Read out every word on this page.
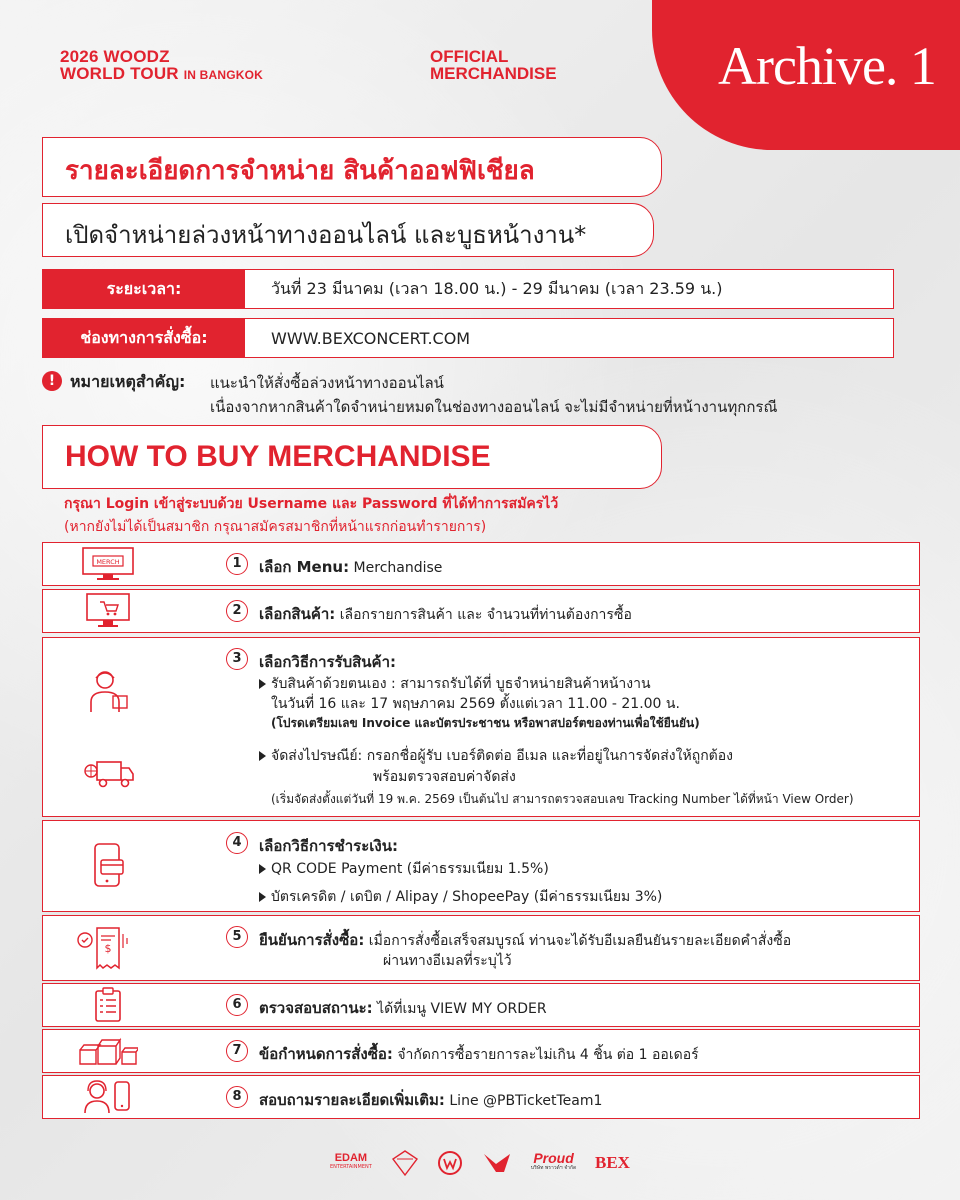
2026 WOODZ
WORLD TOUR IN BANGKOK
OFFICIAL
MERCHANDISE	Archive. 1
รายละเอียดการจำหน่าย สินค้าออฟฟิเชียล
เปิดจำหน่ายล่วงหน้าทางออนไลน์ และบูธหน้างาน*
ระยะเวลา:	วันที่ 23 มีนาคม (เวลา 18.00 น.) - 29 มีนาคม (เวลา 23.59 น.)
ช่องทางการสั่งซื้อ:	WWW.BEXCONCERT.COM
! หมายเหตุสำคัญ: แนะนำให้สั่งซื้อล่วงหน้าทางออนไลน์
เนื่องจากหากสินค้าใดจำหน่ายหมดในช่องทางออนไลน์ จะไม่มีจำหน่ายที่หน้างานทุกกรณี
HOW TO BUY MERCHANDISE
กรุณา Login เข้าสู่ระบบด้วย Username และ Password ที่ได้ทำการสมัครไว้
(หากยังไม่ได้เป็นสมาชิก กรุณาสมัครสมาชิกที่หน้าแรกก่อนทำรายการ)
MERCH	1	เลือก Menu: Merchandise
2	เลือกสินค้า: เลือกรายการสินค้า และ จำนวนที่ท่านต้องการซื้อ
3	เลือกวิธีการรับสินค้า:
รับสินค้าด้วยตนเอง : สามารถรับได้ที่ บูธจำหน่ายสินค้าหน้างาน
ในวันที่ 16 และ 17 พฤษภาคม 2569 ตั้งแต่เวลา 11.00 - 21.00 น.
(โปรดเตรียมเลข Invoice และบัตรประชาชน หรือพาสปอร์ตของท่านเพื่อใช้ยืนยัน)
จัดส่งไปรษณีย์: กรอกชื่อผู้รับ เบอร์ติดต่อ อีเมล และที่อยู่ในการจัดส่งให้ถูกต้อง
พร้อมตรวจสอบค่าจัดส่ง
(เริ่มจัดส่งตั้งแต่วันที่ 19 พ.ค. 2569 เป็นต้นไป สามารถตรวจสอบเลข Tracking Number ได้ที่หน้า View Order)
4	เลือกวิธีการชำระเงิน:
QR CODE Payment (มีค่าธรรมเนียม 1.5%)
บัตรเครดิต / เดบิต / Alipay / ShopeePay (มีค่าธรรมเนียม 3%)
$
5	ยืนยันการสั่งซื้อ: เมื่อการสั่งซื้อเสร็จสมบูรณ์ ท่านจะได้รับอีเมลยืนยันรายละเอียดคำสั่งซื้อ
ผ่านทางอีเมลที่ระบุไว้
6	ตรวจสอบสถานะ: ได้ที่เมนู VIEW MY ORDER
7	ข้อกำหนดการสั่งซื้อ: จำกัดการซื้อรายการละไม่เกิน 4 ชิ้น ต่อ 1 ออเดอร์
8	สอบถามรายละเอียดเพิ่มเติม: Line @PBTicketTeam1
EDAM
ENTERTAINMENT
Proud
บริษัท พราวด์ฯ จำกัด BEX
